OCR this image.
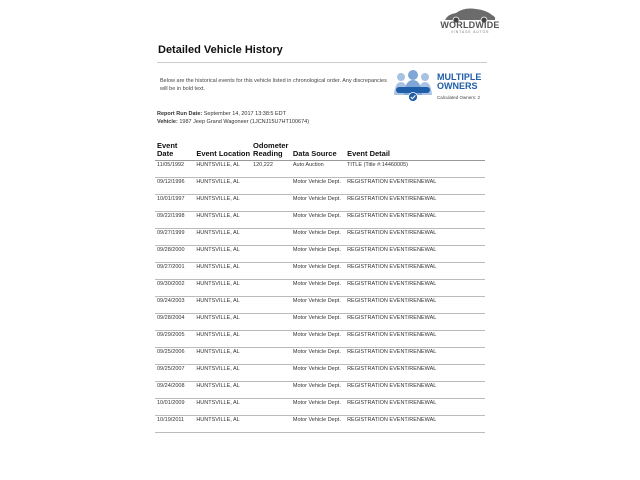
WORLDWIDE
VINTAGE AUTOS
Detailed Vehicle History
Below are the historical events for this vehicle listed in chronological order. Any discrepancies will be in bold text.
MULTIPLE
OWNERS
Calculated Owners: 2
Report Run Date: September 14, 2017 13:38:5 EDT
Vehicle: 1987 Jeep Grand Wagoneer (1JCNJ15U7HT100674)
Event Date	Event Location	Odometer Reading	Data Source	Event Detail
11/05/1992	HUNTSVILLE, AL	120,222	Auto Auction	TITLE (Title #:14460005)
09/12/1996	HUNTSVILLE, AL		Motor Vehicle Dept.	REGISTRATION EVENT/RENEWAL
10/01/1997	HUNTSVILLE, AL		Motor Vehicle Dept.	REGISTRATION EVENT/RENEWAL
09/22/1998	HUNTSVILLE, AL		Motor Vehicle Dept.	REGISTRATION EVENT/RENEWAL
09/27/1999	HUNTSVILLE, AL		Motor Vehicle Dept.	REGISTRATION EVENT/RENEWAL
09/28/2000	HUNTSVILLE, AL		Motor Vehicle Dept.	REGISTRATION EVENT/RENEWAL
09/27/2001	HUNTSVILLE, AL		Motor Vehicle Dept.	REGISTRATION EVENT/RENEWAL
09/30/2002	HUNTSVILLE, AL		Motor Vehicle Dept.	REGISTRATION EVENT/RENEWAL
09/24/2003	HUNTSVILLE, AL		Motor Vehicle Dept.	REGISTRATION EVENT/RENEWAL
09/28/2004	HUNTSVILLE, AL		Motor Vehicle Dept.	REGISTRATION EVENT/RENEWAL
09/29/2005	HUNTSVILLE, AL		Motor Vehicle Dept.	REGISTRATION EVENT/RENEWAL
09/25/2006	HUNTSVILLE, AL		Motor Vehicle Dept.	REGISTRATION EVENT/RENEWAL
09/25/2007	HUNTSVILLE, AL		Motor Vehicle Dept.	REGISTRATION EVENT/RENEWAL
09/24/2008	HUNTSVILLE, AL		Motor Vehicle Dept.	REGISTRATION EVENT/RENEWAL
10/01/2009	HUNTSVILLE, AL		Motor Vehicle Dept.	REGISTRATION EVENT/RENEWAL
10/19/2011	HUNTSVILLE, AL		Motor Vehicle Dept.	REGISTRATION EVENT/RENEWAL
